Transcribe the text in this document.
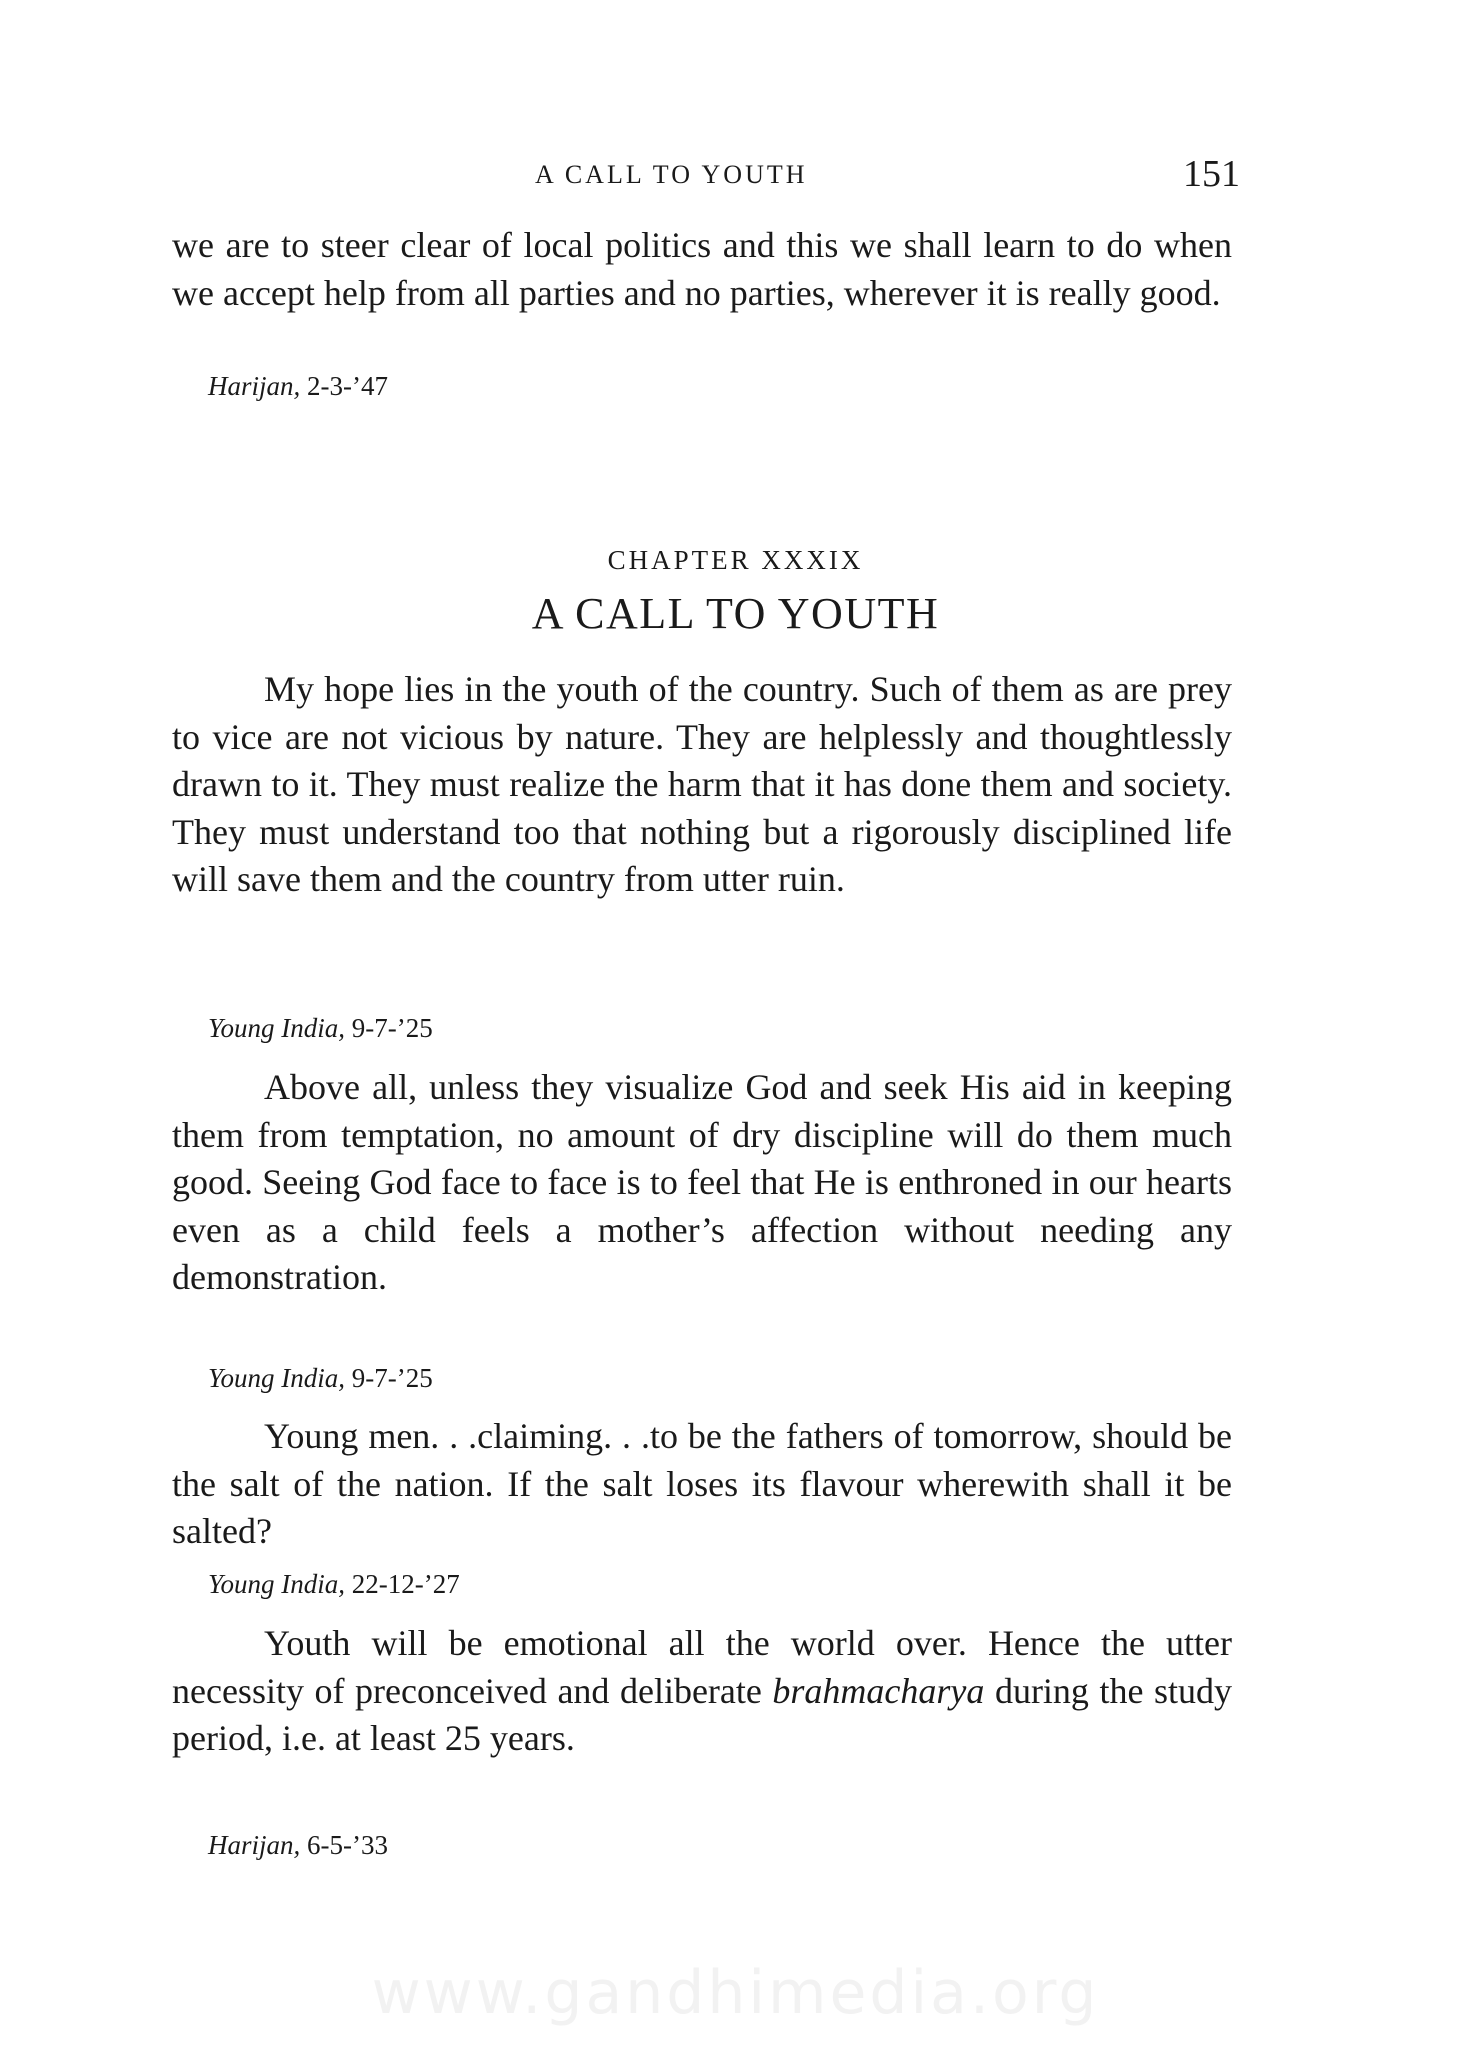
A CALL TO YOUTH	151

we are to steer clear of local politics and this we shall learn to do when we accept help from all parties and no parties, wherever it is really good.

Harijan, 2-3-’47
CHAPTER XXXIX
A CALL TO YOUTH

My hope lies in the youth of the country. Such of them as are prey to vice are not vicious by nature. They are helplessly and thoughtlessly drawn to it. They must realize the harm that it has done them and society. They must understand too that nothing but a rigorously disciplined life will save them and the country from utter ruin.

Young India, 9-7-’25

Above all, unless they visualize God and seek His aid in keeping them from temptation, no amount of dry discipline will do them much good. Seeing God face to face is to feel that He is enthroned in our hearts even as a child feels a mother’s affection without needing any demonstration.

Young India, 9-7-’25

Young men. . .claiming. . .to be the fathers of tomorrow, should be the salt of the nation. If the salt loses its flavour wherewith shall it be salted?

Young India, 22-12-’27

Youth will be emotional all the world over. Hence the utter necessity of preconceived and deliberate brahmacharya during the study period, i.e. at least 25 years.

Harijan, 6-5-’33
www.gandhimedia.org
